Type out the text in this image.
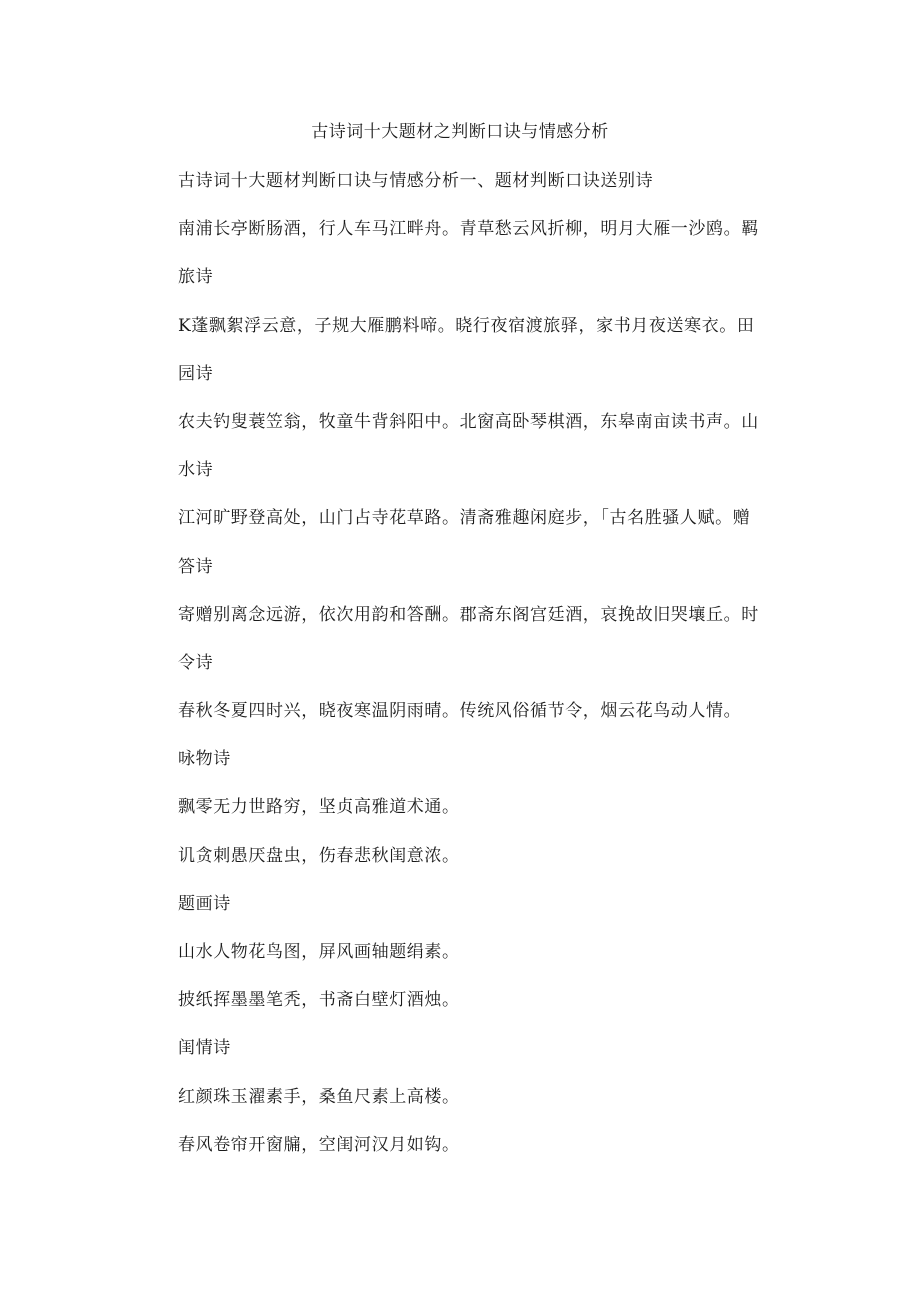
古诗词十大题材之判断口诀与情感分析
古诗词十大题材判断口诀与情感分析一、题材判断口诀送别诗
南浦长亭断肠酒，行人车马江畔舟。青草愁云风折柳，明月大雁一沙鸥。羁
旅诗
K蓬飘絮浮云意，子规大雁鹏料啼。晓行夜宿渡旅驿，家书月夜送寒衣。田
园诗
农夫钓叟蓑笠翁，牧童牛背斜阳中。北窗高卧琴棋酒，东皋南亩读书声。山
水诗
江河旷野登高处，山门占寺花草路。清斋雅趣闲庭步，「古名胜骚人赋。赠
答诗
寄赠别离念远游，依次用韵和答酬。郡斋东阁宫廷酒，哀挽故旧哭壤丘。时
令诗
春秋冬夏四时兴，晓夜寒温阴雨晴。传统风俗循节令，烟云花鸟动人情。
咏物诗
飘零无力世路穷，坚贞高雅道术通。
讥贪刺愚厌盘虫，伤春悲秋闺意浓。
题画诗
山水人物花鸟图，屏风画轴题绢素。
披纸挥墨墨笔秃，书斋白壁灯酒烛。
闺情诗
红颜珠玉濯素手，桑鱼尺素上高楼。
春风卷帘开窗牖，空闺河汉月如钩。
